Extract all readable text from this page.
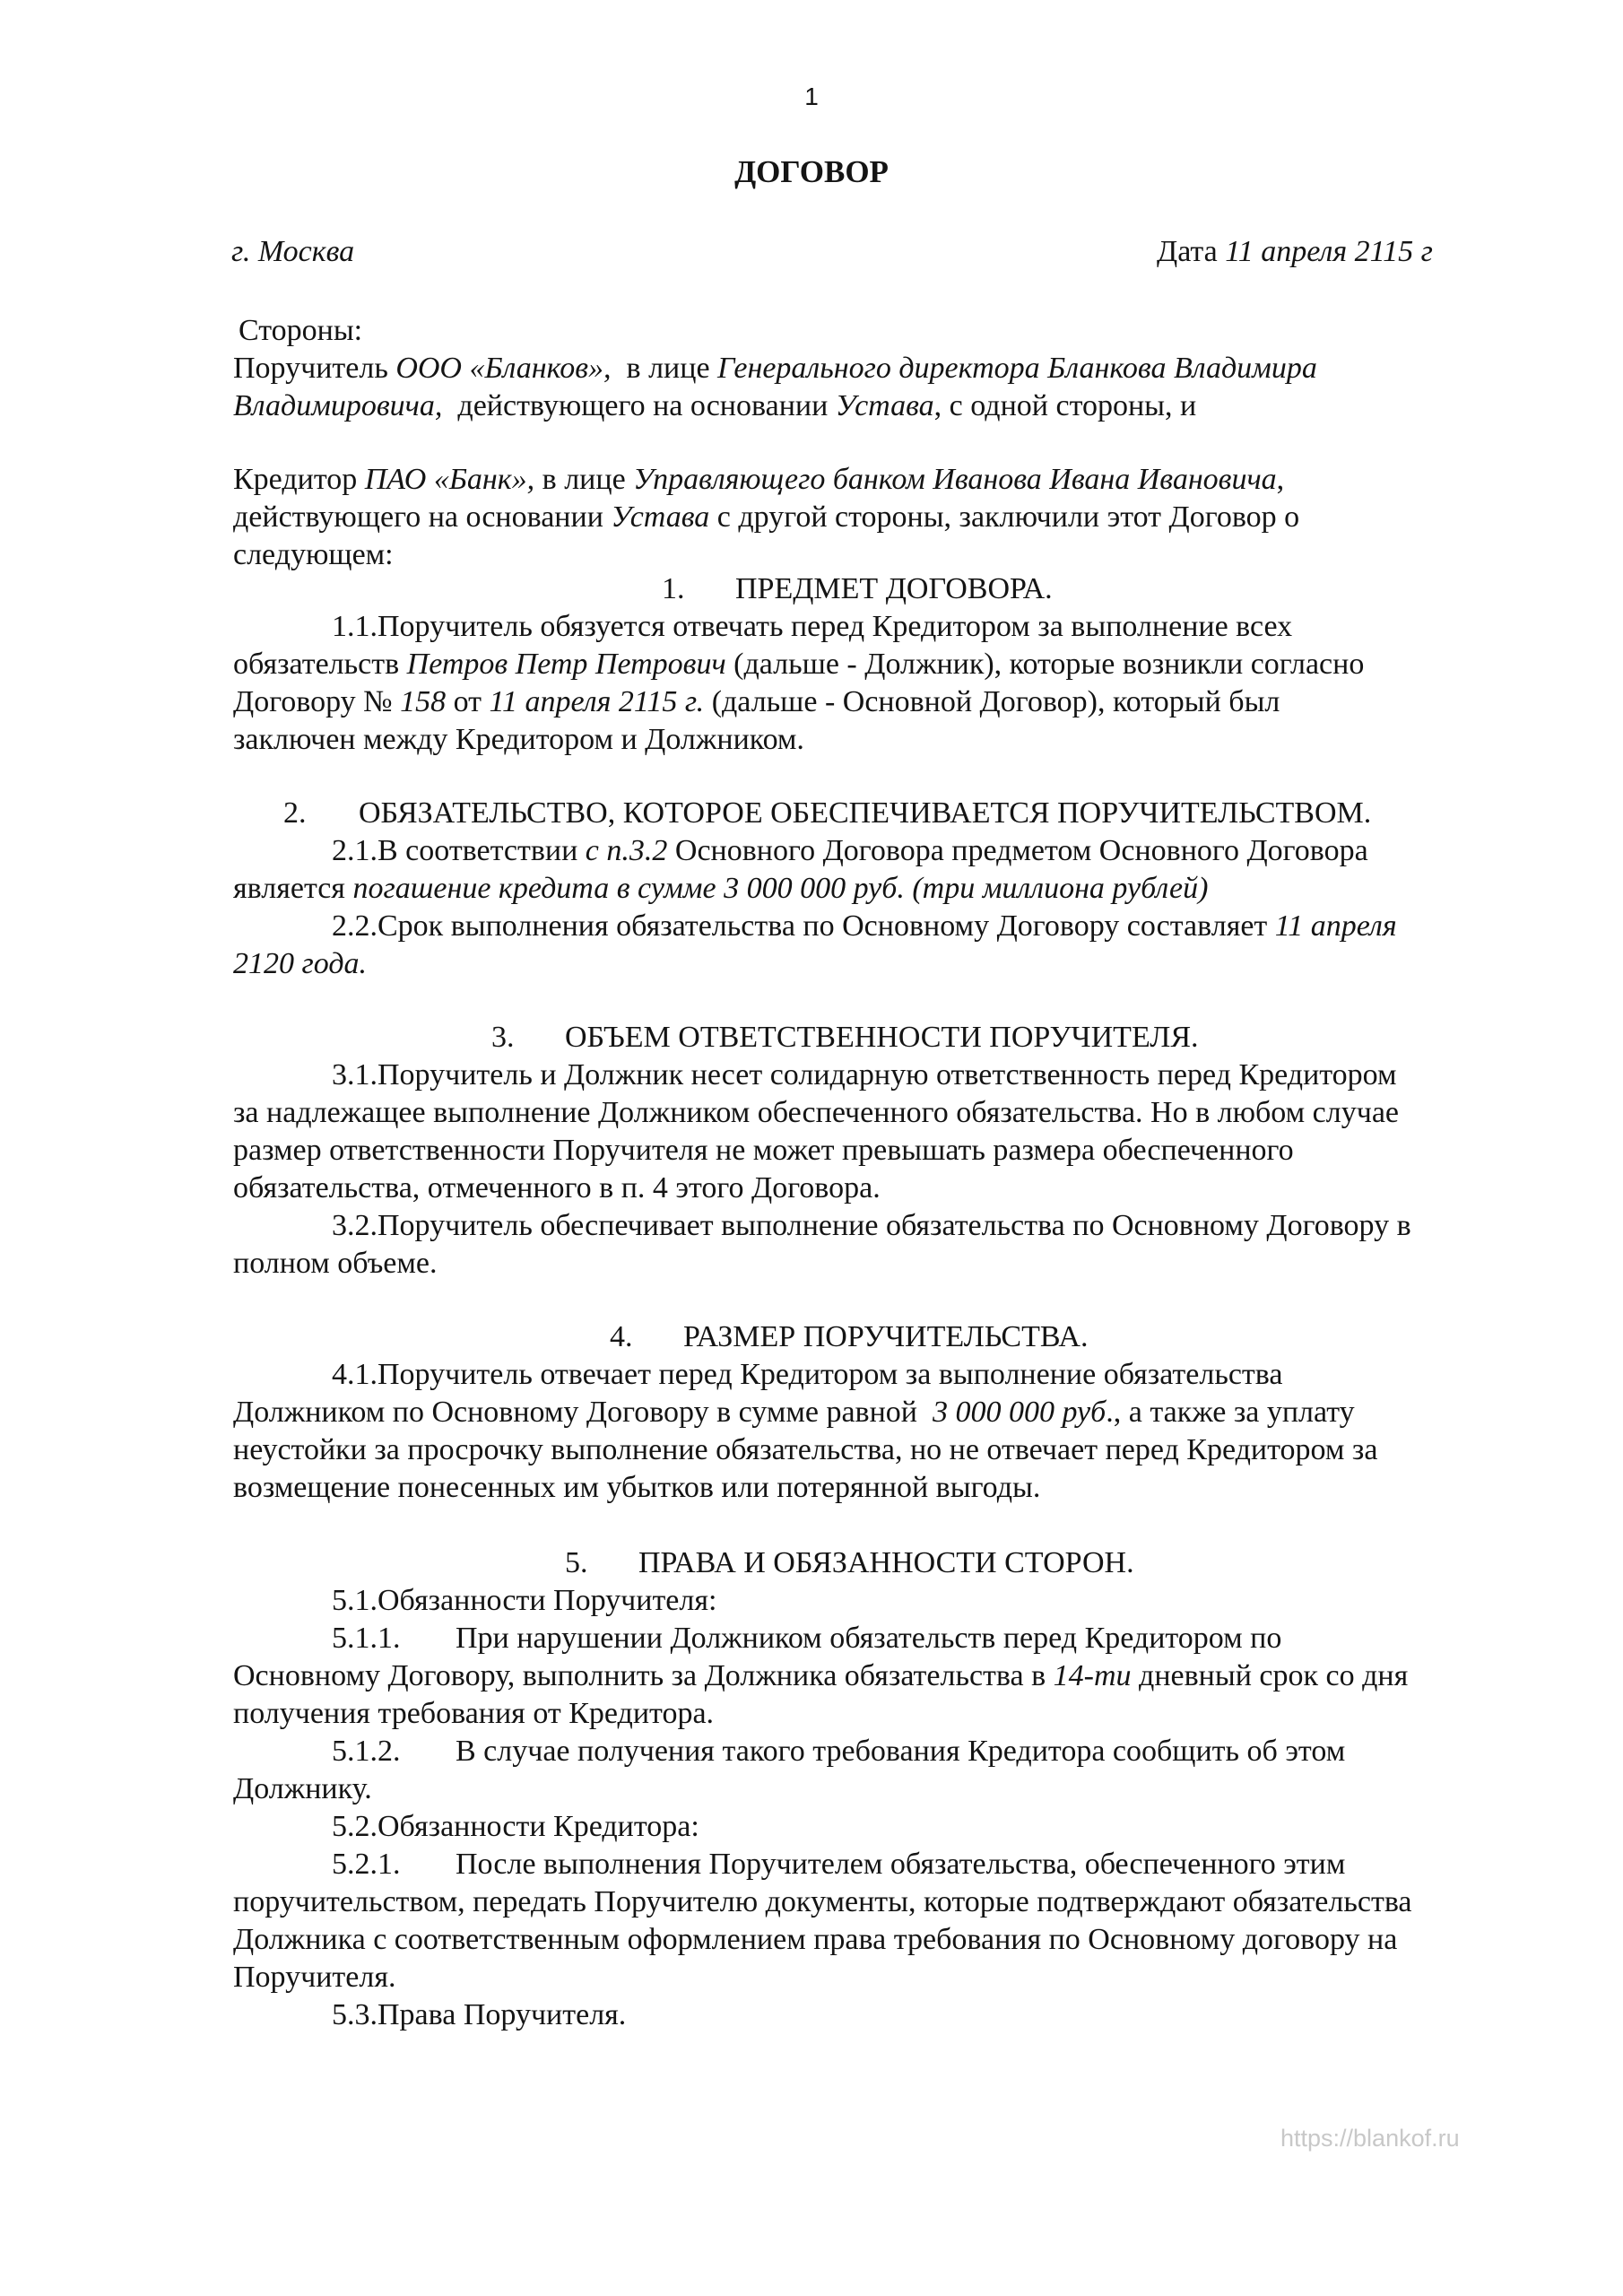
1
ДОГОВОР
г. Москва	Дата 11 апреля 2115 г
Стороны:
Поручитель ООО «Бланков»,  в лице Генерального директора Бланкова Владимира
Владимировича,  действующего на основании Устава, с одной стороны, и
Кредитор ПАО «Банк», в лице Управляющего банком Иванова Ивана Ивановича,
действующего на основании Устава с другой стороны, заключили этот Договор о
следующем:
1. ПРЕДМЕТ ДОГОВОРА.
1.1.Поручитель обязуется отвечать перед Кредитором за выполнение всех
обязательств Петров Петр Петрович (дальше - Должник), которые возникли согласно
Договору № 158 от 11 апреля 2115 г. (дальше - Основной Договор), который был
заключен между Кредитором и Должником.
2. ОБЯЗАТЕЛЬСТВО, КОТОРОЕ ОБЕСПЕЧИВАЕТСЯ ПОРУЧИТЕЛЬСТВОМ.
2.1.В соответствии с п.3.2 Основного Договора предметом Основного Договора
является погашение кредита в сумме 3 000 000 руб. (три миллиона рублей)
2.2.Срок выполнения обязательства по Основному Договору составляет 11 апреля
2120 года.
3. ОБЪЕМ ОТВЕТСТВЕННОСТИ ПОРУЧИТЕЛЯ.
3.1.Поручитель и Должник несет солидарную ответственность перед Кредитором
за надлежащее выполнение Должником обеспеченного обязательства. Но в любом случае
размер ответственности Поручителя не может превышать размера обеспеченного
обязательства, отмеченного в п. 4 этого Договора.
3.2.Поручитель обеспечивает выполнение обязательства по Основному Договору в
полном объеме.
4. РАЗМЕР ПОРУЧИТЕЛЬСТВА.
4.1.Поручитель отвечает перед Кредитором за выполнение обязательства
Должником по Основному Договору в сумме равной  3 000 000 руб., а также за уплату
неустойки за просрочку выполнение обязательства, но не отвечает перед Кредитором за
возмещение понесенных им убытков или потерянной выгоды.
5. ПРАВА И ОБЯЗАННОСТИ СТОРОН.
5.1.Обязанности Поручителя:
5.1.1. При нарушении Должником обязательств перед Кредитором по
Основному Договору, выполнить за Должника обязательства в 14-ти дневный срок со дня
получения требования от Кредитора.
5.1.2. В случае получения такого требования Кредитора сообщить об этом
Должнику.
5.2.Обязанности Кредитора:
5.2.1. После выполнения Поручителем обязательства, обеспеченного этим
поручительством, передать Поручителю документы, которые подтверждают обязательства
Должника с соответственным оформлением права требования по Основному договору на
Поручителя.
5.3.Права Поручителя.
https://blankof.ru
